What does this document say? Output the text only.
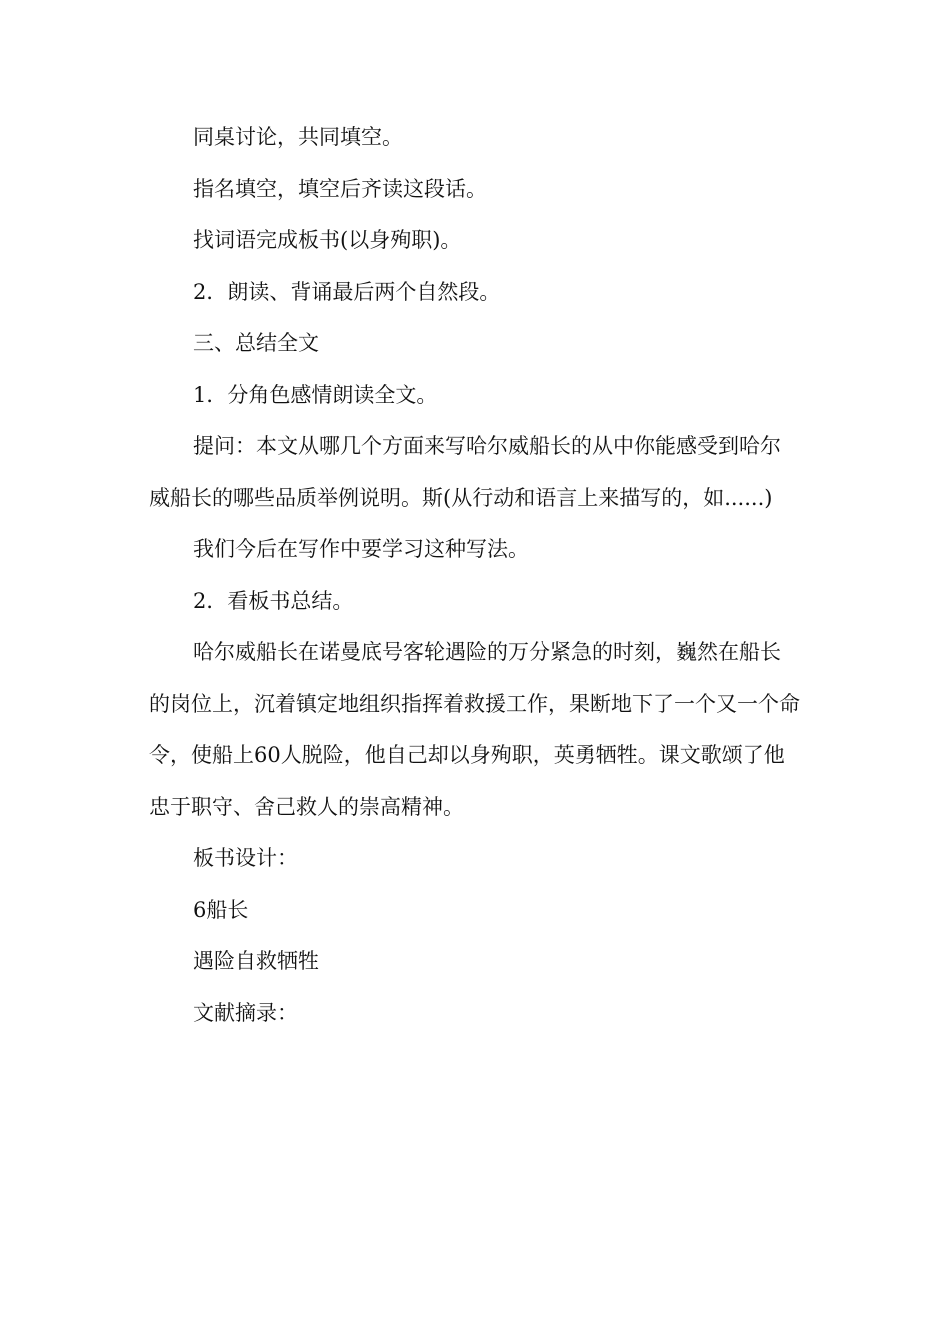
同桌讨论，共同填空。

指名填空，填空后齐读这段话。

找词语完成板书(以身殉职)。

2．朗读、背诵最后两个自然段。

三、总结全文

1．分角色感情朗读全文。

提问：本文从哪几个方面来写哈尔威船长的从中你能感受到哈尔威船长的哪些品质举例说明。斯(从行动和语言上来描写的，如......)

我们今后在写作中要学习这种写法。

2．看板书总结。

哈尔威船长在诺曼底号客轮遇险的万分紧急的时刻，巍然在船长的岗位上，沉着镇定地组织指挥着救援工作，果断地下了一个又一个命令，使船上60人脱险，他自己却以身殉职，英勇牺牲。课文歌颂了他忠于职守、舍己救人的崇高精神。

板书设计：

6船长

遇险自救牺牲

文献摘录：
